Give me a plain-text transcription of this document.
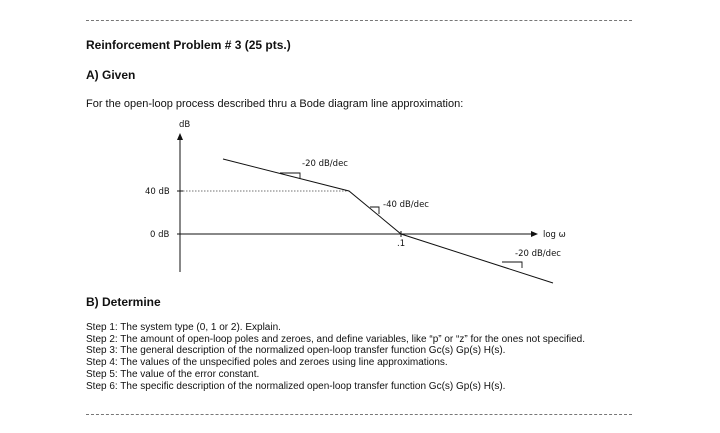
Reinforcement Problem # 3 (25 pts.)
A) Given
For the open-loop process described thru a Bode diagram line approximation:
dB
40 dB
0 dB
.1
log ω
-20 dB/dec
-40 dB/dec
-20 dB/dec
B) Determine
Step 1: The system type (0, 1 or 2). Explain.
Step 2: The amount of open-loop poles and zeroes, and define variables, like “p” or “z” for the ones not specified.
Step 3: The general description of the normalized open-loop transfer function Gc(s) Gp(s) H(s).
Step 4: The values of the unspecified poles and zeroes using line approximations.
Step 5: The value of the error constant.
Step 6: The specific description of the normalized open-loop transfer function Gc(s) Gp(s) H(s).
